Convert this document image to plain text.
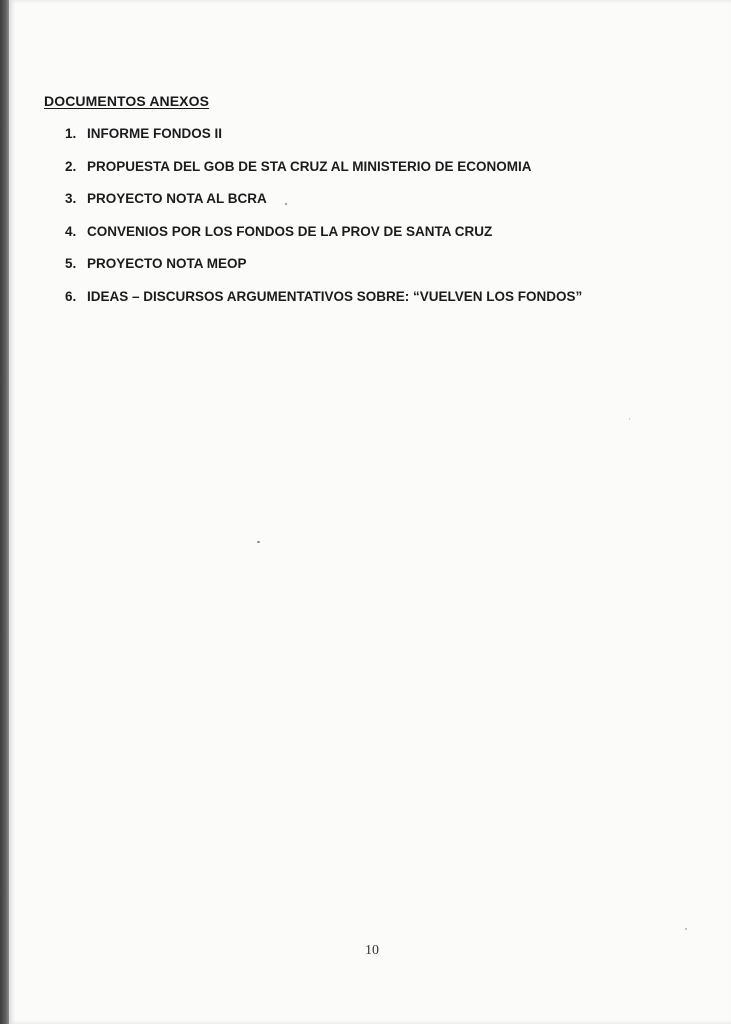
DOCUMENTOS ANEXOS
1. INFORME FONDOS II
2. PROPUESTA DEL GOB DE STA CRUZ AL MINISTERIO DE ECONOMIA
3. PROYECTO NOTA AL BCRA
4. CONVENIOS POR LOS FONDOS DE LA PROV DE SANTA CRUZ
5. PROYECTO NOTA MEOP
6. IDEAS – DISCURSOS ARGUMENTATIVOS SOBRE: “VUELVEN LOS FONDOS”
10
